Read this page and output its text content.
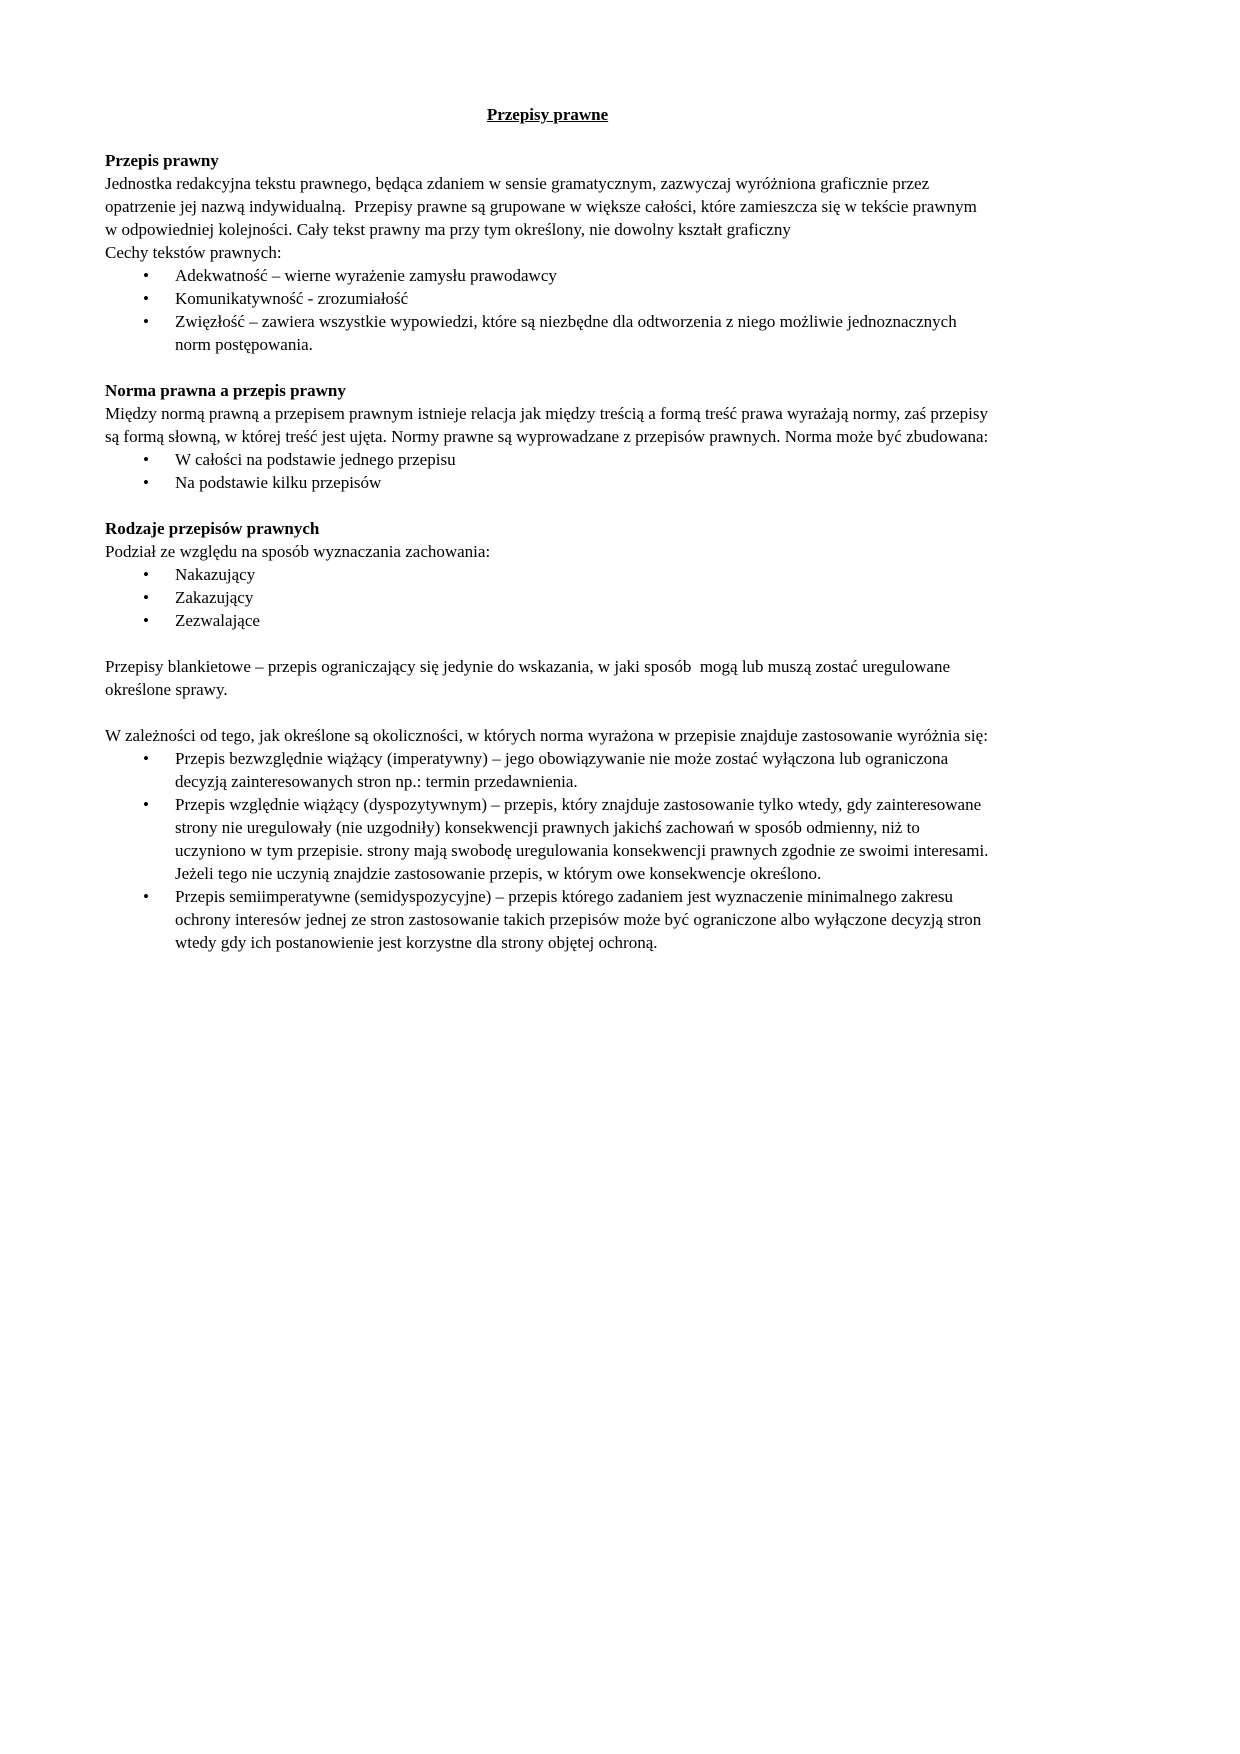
Przepisy prawne
Przepis prawny

Jednostka redakcyjna tekstu prawnego, będąca zdaniem w sensie gramatycznym, zazwyczaj wyróżniona graficznie przez opatrzenie jej nazwą indywidualną.  Przepisy prawne są grupowane w większe całości, które zamieszcza się w tekście prawnym w odpowiedniej kolejności. Cały tekst prawny ma przy tym określony, nie dowolny kształt graficzny

Cechy tekstów prawnych:

• Adekwatność – wierne wyrażenie zamysłu prawodawcy
• Komunikatywność - zrozumiałość
• Zwięzłość – zawiera wszystkie wypowiedzi, które są niezbędne dla odtworzenia z niego możliwie jednoznacznych norm postępowania.
Norma prawna a przepis prawny

Między normą prawną a przepisem prawnym istnieje relacja jak między treścią a formą treść prawa wyrażają normy, zaś przepisy są formą słowną, w której treść jest ujęta. Normy prawne są wyprowadzane z przepisów prawnych. Norma może być zbudowana:

• W całości na podstawie jednego przepisu
• Na podstawie kilku przepisów
Rodzaje przepisów prawnych

Podział ze względu na sposób wyznaczania zachowania:

• Nakazujący
• Zakazujący
• Zezwalające

Przepisy blankietowe – przepis ograniczający się jedynie do wskazania, w jaki sposób  mogą lub muszą zostać uregulowane określone sprawy.

W zależności od tego, jak określone są okoliczności, w których norma wyrażona w przepisie znajduje zastosowanie wyróżnia się:

• Przepis bezwzględnie wiążący (imperatywny) – jego obowiązywanie nie może zostać wyłączona lub ograniczona decyzją zainteresowanych stron np.: termin przedawnienia.
• Przepis względnie wiążący (dyspozytywnym) – przepis, który znajduje zastosowanie tylko wtedy, gdy zainteresowane strony nie uregulowały (nie uzgodniły) konsekwencji prawnych jakichś zachowań w sposób odmienny, niż to uczyniono w tym przepisie. strony mają swobodę uregulowania konsekwencji prawnych zgodnie ze swoimi interesami. Jeżeli tego nie uczynią znajdzie zastosowanie przepis, w którym owe konsekwencje określono.
• Przepis semiimperatywne (semidyspozycyjne) – przepis którego zadaniem jest wyznaczenie minimalnego zakresu ochrony interesów jednej ze stron zastosowanie takich przepisów może być ograniczone albo wyłączone decyzją stron wtedy gdy ich postanowienie jest korzystne dla strony objętej ochroną.
